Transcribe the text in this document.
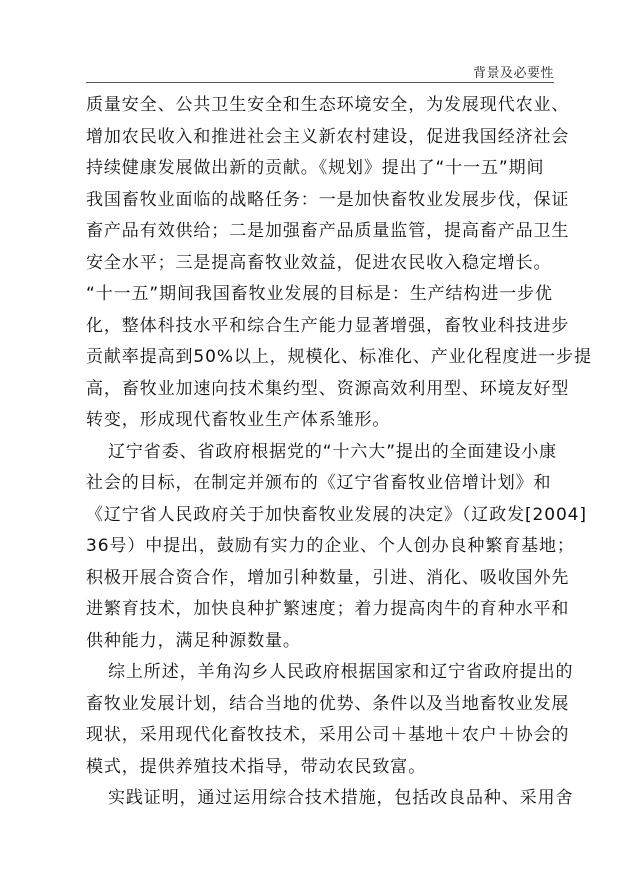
背景及必要性
质量安全、公共卫生安全和生态环境安全，为发展现代农业、
增加农民收入和推进社会主义新农村建设，促进我国经济社会
持续健康发展做出新的贡献。《规划》提出了“十一五”期间
我国畜牧业面临的战略任务：一是加快畜牧业发展步伐，保证
畜产品有效供给；二是加强畜产品质量监管，提高畜产品卫生
安全水平；三是提高畜牧业效益，促进农民收入稳定增长。
“十一五”期间我国畜牧业发展的目标是：生产结构进一步优
化，整体科技水平和综合生产能力显著增强，畜牧业科技进步
贡献率提高到50%以上，规模化、标准化、产业化程度进一步提
高，畜牧业加速向技术集约型、资源高效利用型、环境友好型
转变，形成现代畜牧业生产体系雏形。
辽宁省委、省政府根据党的“十六大”提出的全面建设小康
社会的目标，在制定并颁布的《辽宁省畜牧业倍增计划》和
《辽宁省人民政府关于加快畜牧业发展的决定》（辽政发[2004]
36号）中提出，鼓励有实力的企业、个人创办良种繁育基地；
积极开展合资合作，增加引种数量，引进、消化、吸收国外先
进繁育技术，加快良种扩繁速度；着力提高肉牛的育种水平和
供种能力，满足种源数量。
综上所述，羊角沟乡人民政府根据国家和辽宁省政府提出的
畜牧业发展计划，结合当地的优势、条件以及当地畜牧业发展
现状，采用现代化畜牧技术，采用公司＋基地＋农户＋协会的
模式，提供养殖技术指导，带动农民致富。
实践证明，通过运用综合技术措施，包括改良品种、采用舍
